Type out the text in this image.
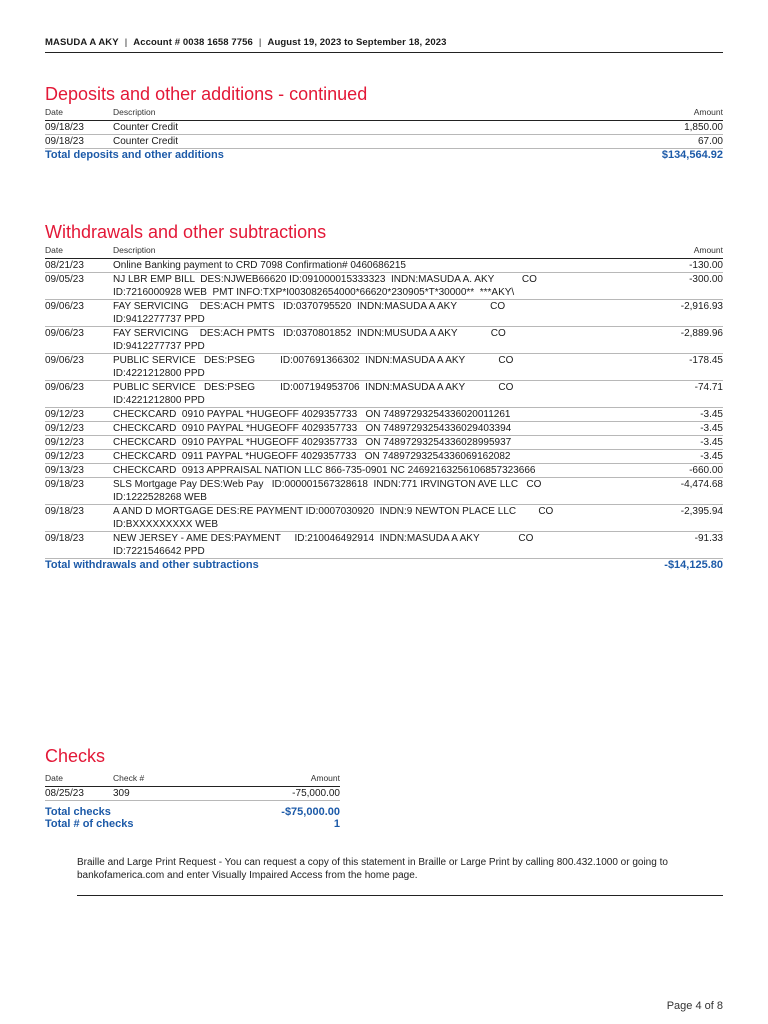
MASUDA A AKY | Account # 0038 1658 7756 | August 19, 2023 to September 18, 2023
Deposits and other additions - continued
Date	Description	Amount
09/18/23	Counter Credit	1,850.00
09/18/23	Counter Credit	67.00
Total deposits and other additions		$134,564.92
Withdrawals and other subtractions
Date	Description	Amount
08/21/23	Online Banking payment to CRD 7098 Confirmation# 0460686215	-130.00
09/05/23	NJ LBR EMP BILL  DES:NJWEB66620 ID:091000015333323  INDN:MASUDA A. AKY          CO
ID:7216000928 WEB  PMT INFO:TXP*I003082654000*66620*230905*T*30000**  ***AKY\	-300.00
09/06/23	FAY SERVICING    DES:ACH PMTS   ID:0370795520  INDN:MASUDA A AKY            CO
ID:9412277737 PPD	-2,916.93
09/06/23	FAY SERVICING    DES:ACH PMTS   ID:0370801852  INDN:MUSUDA A AKY            CO
ID:9412277737 PPD	-2,889.96
09/06/23	PUBLIC SERVICE   DES:PSEG         ID:007691366302  INDN:MASUDA A AKY            CO
ID:4221212800 PPD	-178.45
09/06/23	PUBLIC SERVICE   DES:PSEG         ID:007194953706  INDN:MASUDA A AKY            CO
ID:4221212800 PPD	-74.71
09/12/23	CHECKCARD  0910 PAYPAL *HUGEOFF 4029357733   ON 74897293254336020011261	-3.45
09/12/23	CHECKCARD  0910 PAYPAL *HUGEOFF 4029357733   ON 74897293254336029403394	-3.45
09/12/23	CHECKCARD  0910 PAYPAL *HUGEOFF 4029357733   ON 74897293254336028995937	-3.45
09/12/23	CHECKCARD  0911 PAYPAL *HUGEOFF 4029357733   ON 74897293254336069162082	-3.45
09/13/23	CHECKCARD  0913 APPRAISAL NATION LLC 866-735-0901 NC 24692163256106857323666	-660.00
09/18/23	SLS Mortgage Pay DES:Web Pay   ID:000001567328618  INDN:771 IRVINGTON AVE LLC   CO
ID:1222528268 WEB	-4,474.68
09/18/23	A AND D MORTGAGE DES:RE PAYMENT ID:0007030920  INDN:9 NEWTON PLACE LLC        CO
ID:BXXXXXXXXX WEB	-2,395.94
09/18/23	NEW JERSEY - AME DES:PAYMENT     ID:210046492914  INDN:MASUDA A AKY              CO
ID:7221546642 PPD	-91.33
Total withdrawals and other subtractions		-$14,125.80
Checks
Date	Check #	Amount
08/25/23	309	-75,000.00
Total checks		-$75,000.00
Total # of checks		1
Braille and Large Print Request - You can request a copy of this statement in Braille or Large Print by calling 800.432.1000 or going to bankofamerica.com and enter Visually Impaired Access from the home page.
Page 4 of 8
